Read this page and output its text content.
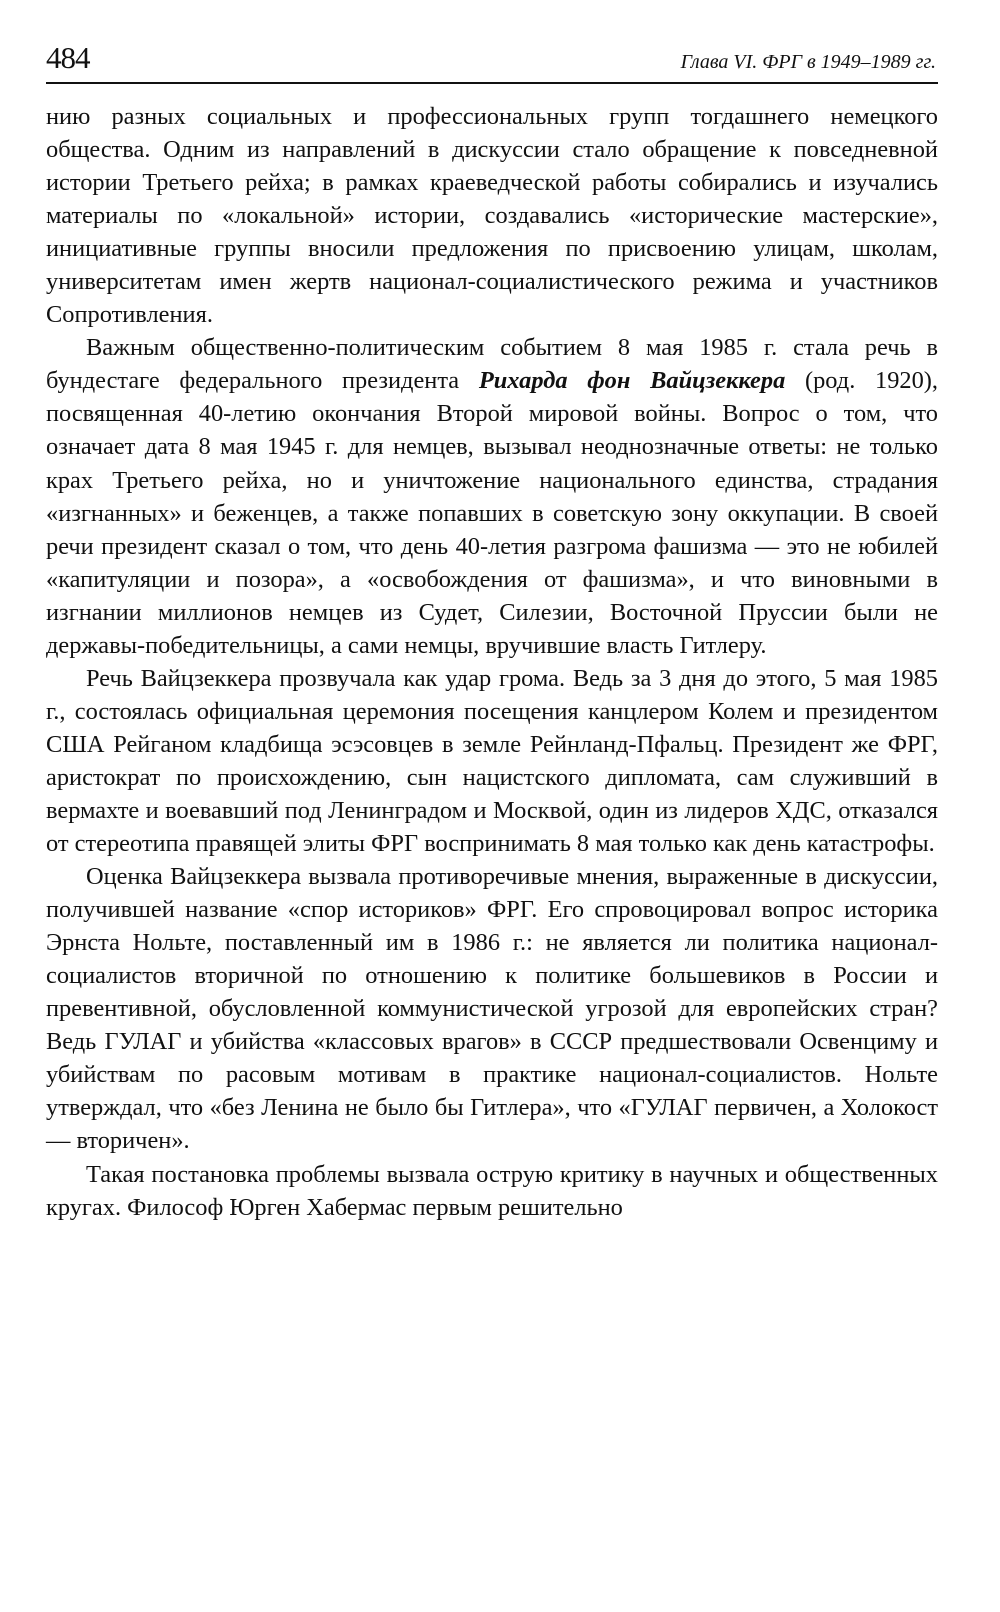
484	Глава VI. ФРГ в 1949–1989 гг.

нию разных социальных и профессиональных групп тогдашнего немецкого общества. Одним из направлений в дискуссии стало обращение к повседневной истории Третьего рейха; в рамках краеведческой работы собирались и изучались материалы по «локальной» истории, создавались «исторические мастерские», инициативные группы вносили предложения по присвоению улицам, школам, университетам имен жертв национал-социалистического режима и участников Сопротивления.

Важным общественно-политическим событием 8 мая 1985 г. стала речь в бундестаге федерального президента Рихарда фон Вайцзеккера (род. 1920), посвященная 40-летию окончания Второй мировой войны. Вопрос о том, что означает дата 8 мая 1945 г. для немцев, вызывал неоднозначные ответы: не только крах Третьего рейха, но и уничтожение национального единства, страдания «изгнанных» и беженцев, а также попавших в советскую зону оккупации. В своей речи президент сказал о том, что день 40-летия разгрома фашизма — это не юбилей «капитуляции и позора», а «освобождения от фашизма», и что виновными в изгнании миллионов немцев из Судет, Силезии, Восточной Пруссии были не державы-победительницы, а сами немцы, вручившие власть Гитлеру.

Речь Вайцзеккера прозвучала как удар грома. Ведь за 3 дня до этого, 5 мая 1985 г., состоялась официальная церемония посещения канцлером Колем и президентом США Рейганом кладбища эсэсовцев в земле Рейнланд-Пфальц. Президент же ФРГ, аристократ по происхождению, сын нацистского дипломата, сам служивший в вермахте и воевавший под Ленинградом и Москвой, один из лидеров ХДС, отказался от стереотипа правящей элиты ФРГ воспринимать 8 мая только как день катастрофы.

Оценка Вайцзеккера вызвала противоречивые мнения, выраженные в дискуссии, получившей название «спор историков» ФРГ. Его спровоцировал вопрос историка Эрнста Нольте, поставленный им в 1986 г.: не является ли политика национал-социалистов вторичной по отношению к политике большевиков в России и превентивной, обусловленной коммунистической угрозой для европейских стран? Ведь ГУЛАГ и убийства «классовых врагов» в СССР предшествовали Освенциму и убийствам по расовым мотивам в практике национал-социалистов. Нольте утверждал, что «без Ленина не было бы Гитлера», что «ГУЛАГ первичен, а Холокост — вторичен».

Такая постановка проблемы вызвала острую критику в научных и общественных кругах. Философ Юрген Хабермас первым решительно
